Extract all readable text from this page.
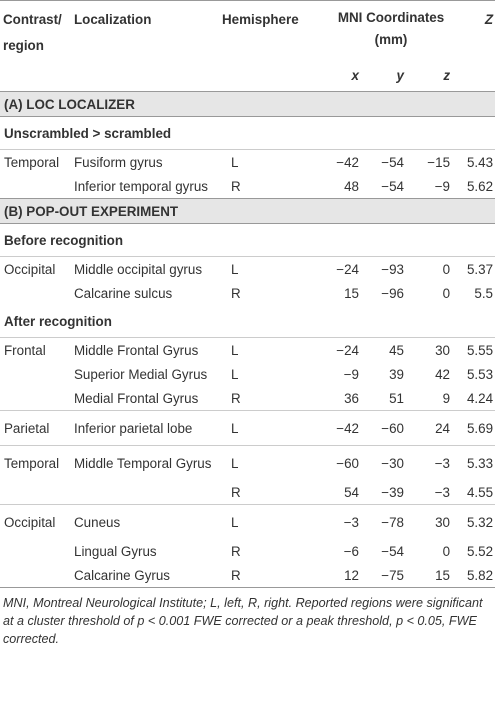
Contrast/ region	Localization	Hemisphere	MNI Coordinates (mm)			Z
			x	y	z	
(A) LOC LOCALIZER						
Unscrambled > scrambled						
Temporal	Fusiform gyrus	L	−42	−54	−15	5.43
	Inferior temporal gyrus	R	48	−54	−9	5.62
(B) POP-OUT EXPERIMENT						
Before recognition						
Occipital	Middle occipital gyrus	L	−24	−93	0	5.37
	Calcarine sulcus	R	15	−96	0	5.5
After recognition						
Frontal	Middle Frontal Gyrus	L	−24	45	30	5.55
	Superior Medial Gyrus	L	−9	39	42	5.53
	Medial Frontal Gyrus	R	36	51	9	4.24
Parietal	Inferior parietal lobe	L	−42	−60	24	5.69
Temporal	Middle Temporal Gyrus	L	−60	−30	−3	5.33
		R	54	−39	−3	4.55
Occipital	Cuneus	L	−3	−78	30	5.32
	Lingual Gyrus	R	−6	−54	0	5.52
	Calcarine Gyrus	R	12	−75	15	5.82
MNI, Montreal Neurological Institute; L, left, R, right. Reported regions were significant at a cluster threshold of p < 0.001 FWE corrected or a peak threshold, p < 0.05, FWE corrected.
